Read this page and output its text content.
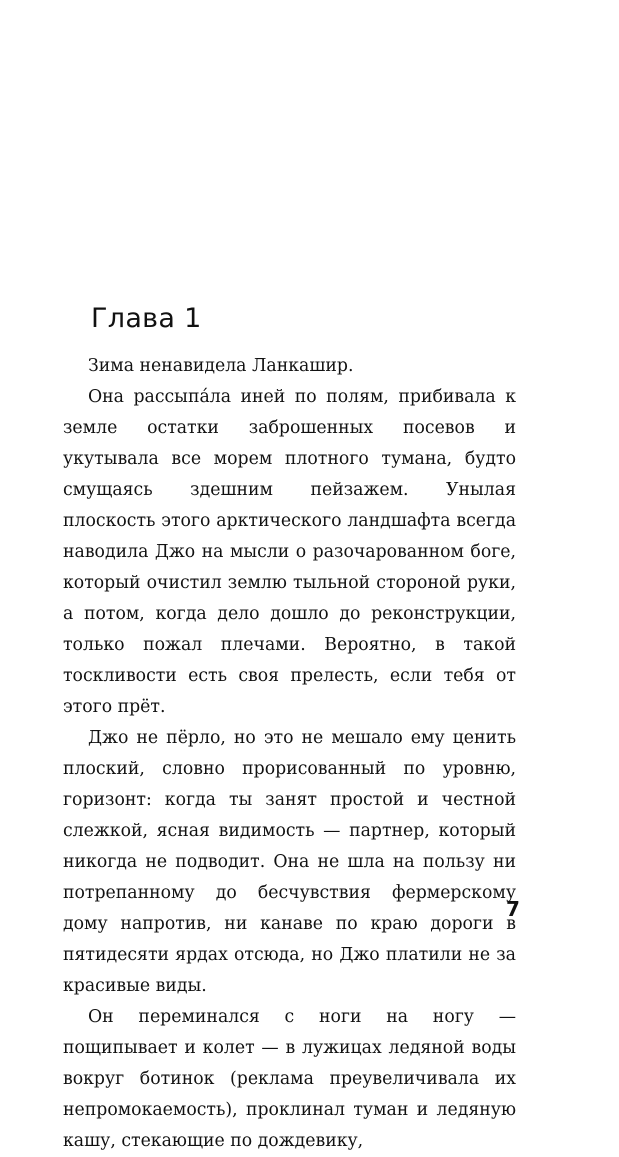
Глава 1

Зима ненавидела Ланкашир.

Она рассыпа́ла иней по полям, прибивала к земле остатки заброшенных посевов и укутывала все морем плотного тумана, будто смущаясь здешним пейзажем. Унылая плоскость этого арктического ландшафта всегда наводила Джо на мысли о разочарованном боге, который очистил землю тыльной стороной руки, а потом, когда дело дошло до реконструкции, только пожал плечами. Вероятно, в такой тоскливости есть своя прелесть, если тебя от этого прёт.

Джо не пёрло, но это не мешало ему ценить плоский, словно прорисованный по уровню, горизонт: когда ты занят простой и честной слежкой, ясная видимость — партнер, который никогда не подводит. Она не шла на пользу ни потрепанному до бесчувствия фермерскому дому напротив, ни канаве по краю дороги в пятидесяти ярдах отсюда, но Джо платили не за красивые виды.

Он переминался с ноги на ногу — пощипывает и колет — в лужицах ледяной воды вокруг ботинок (реклама преувеличивала их непромокаемость), проклинал туман и ледяную кашу, стекающие по дождевику,

7
